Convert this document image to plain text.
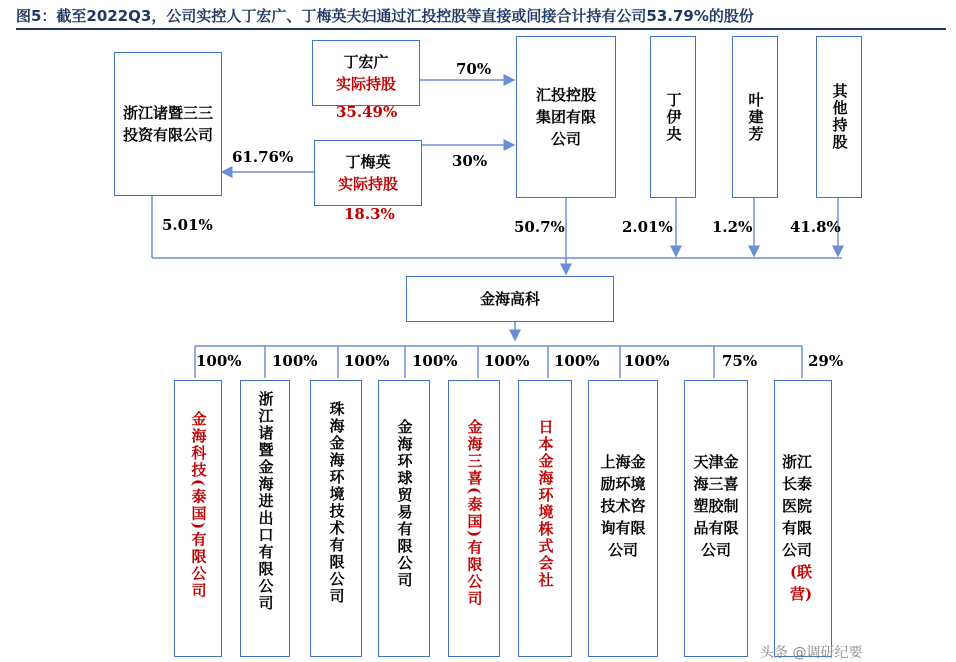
图5：截至2022Q3，公司实控人丁宏广、丁梅英夫妇通过汇投控股等直接或间接合计持有公司53.79%的股份
浙江诸暨三三投资有限公司
丁宏广
实际持股
35.49%
丁梅英
实际持股
18.3%
汇投控股集团有限公司	丁伊央	叶建芳	其他持股
70%
30%
61.76%
5.01%	50.7%	2.01%	1.2%	41.8%
金海高科
100% 100% 100% 100% 100% 100% 100%	75%	29%
金海科技(泰国)有限公司	浙江诸暨金海进出口有限公司	珠海金海环境技术有限公司	金海环球贸易有限公司	金海三喜(泰国)有限公司	日本金海环境株式会社	上海金励环境技术咨询有限公司
天津金海三喜塑胶制品有限公司
浙江长泰医院有限公司
(联营)
头条 @调研纪要
